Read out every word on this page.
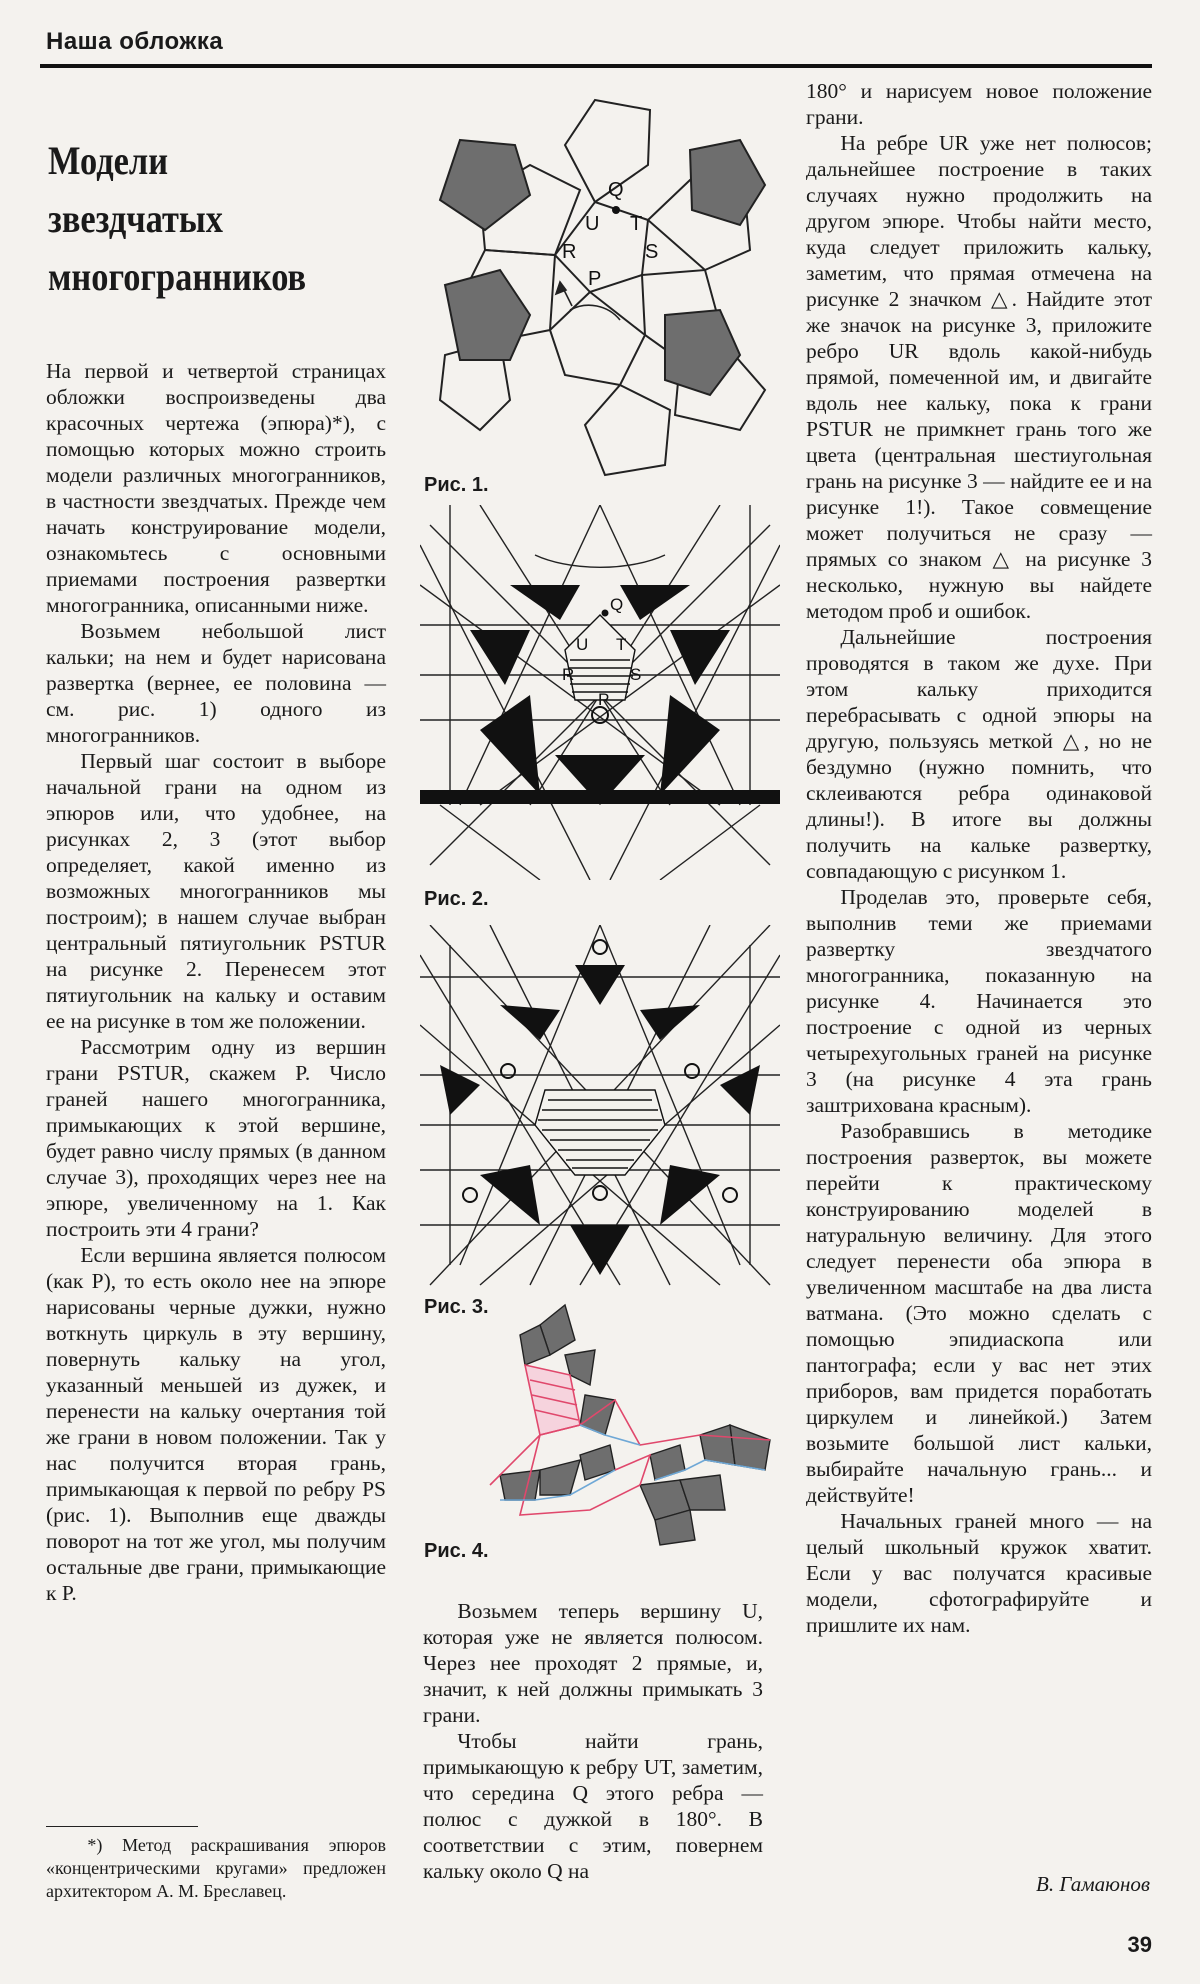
Наша обложка
Модели
звездчатых
многогранников

На первой и четвертой страницах обложки воспроизведены два красочных чертежа (эпюра)*), с помощью которых можно строить модели различных многогранников, в частности звездчатых. Прежде чем начать конструирование модели, ознакомьтесь с основными приемами построения развертки многогранника, описанными ниже.

Возьмем небольшой лист кальки; на нем и будет нарисована развертка (вернее, ее половина — см. рис. 1) одного из многогранников.

Первый шаг состоит в выборе начальной грани на одном из эпюров или, что удобнее, на рисунках 2, 3 (этот выбор определяет, какой именно из возможных многогранников мы построим); в нашем случае выбран центральный пятиугольник PSTUR на рисунке 2. Перенесем этот пятиугольник на кальку и оставим ее на рисунке в том же положении.

Рассмотрим одну из вершин грани PSTUR, скажем P. Число граней нашего многогранника, примыкающих к этой вершине, будет равно числу прямых (в данном случае 3), проходящих через нее на эпюре, увеличенному на 1. Как построить эти 4 грани?

Если вершина является полюсом (как P), то есть около нее на эпюре нарисованы черные дужки, нужно воткнуть циркуль в эту вершину, повернуть кальку на угол, указанный меньшей из дужек, и перенести на кальку очертания той же грани в новом положении. Так у нас получится вторая грань, примыкающая к первой по ребру PS (рис. 1). Выполнив еще дважды поворот на тот же угол, мы получим остальные две грани, примыкающие к P.

*) Метод раскрашивания эпюров «концентрическими кругами» предложен архитектором А. М. Бреславец.

Возьмем теперь вершину U, которая уже не является полюсом. Через нее проходят 2 прямые, и, значит, к ней должны примыкать 3 грани.

Чтобы найти грань, примыкающую к ребру UT, заметим, что середина Q этого ребра — полюс с дужкой в 180°. В соответствии с этим, повернем кальку около Q на

180° и нарисуем новое положение грани.

На ребре UR уже нет полюсов; дальнейшее построение в таких случаях нужно продолжить на другом эпюре. Чтобы найти место, куда следует приложить кальку, заметим, что прямая отмечена на рисунке 2 значком △. Найдите этот же значок на рисунке 3, приложите ребро UR вдоль какой-нибудь прямой, помеченной им, и двигайте вдоль нее кальку, пока к грани PSTUR не примкнет грань того же цвета (центральная шестиугольная грань на рисунке 3 — найдите ее и на рисунке 1!). Такое совмещение может получиться не сразу — прямых со знаком △ на рисунке 3 несколько, нужную вы найдете методом проб и ошибок.

Дальнейшие построения проводятся в таком же духе. При этом кальку приходится перебрасывать с одной эпюры на другую, пользуясь меткой △, но не бездумно (нужно помнить, что склеиваются ребра одинаковой длины!). В итоге вы должны получить на кальке развертку, совпадающую с рисунком 1.

Проделав это, проверьте себя, выполнив теми же приемами развертку звездчатого многогранника, показанную на рисунке 4. Начинается это построение с одной из черных четырехугольных граней на рисунке 3 (на рисунке 4 эта грань заштрихована красным).

Разобравшись в методике построения разверток, вы можете перейти к практическому конструированию моделей в натуральную величину. Для этого следует перенести оба эпюра в увеличенном масштабе на два листа ватмана. (Это можно сделать с помощью эпидиаскопа или пантографа; если у вас нет этих приборов, вам придется поработать циркулем и линейкой.) Затем возьмите большой лист кальки, выбирайте начальную грань... и действуйте!

Начальных граней много — на целый школьный кружок хватит. Если у вас получатся красивые модели, сфотографируйте и пришлите их нам.

В. Гамаюнов
39
Q
U T
R	S
P
Рис. 1.
Q
U T
R	S
P
Рис. 2.
Рис. 3.
Рис. 4.
